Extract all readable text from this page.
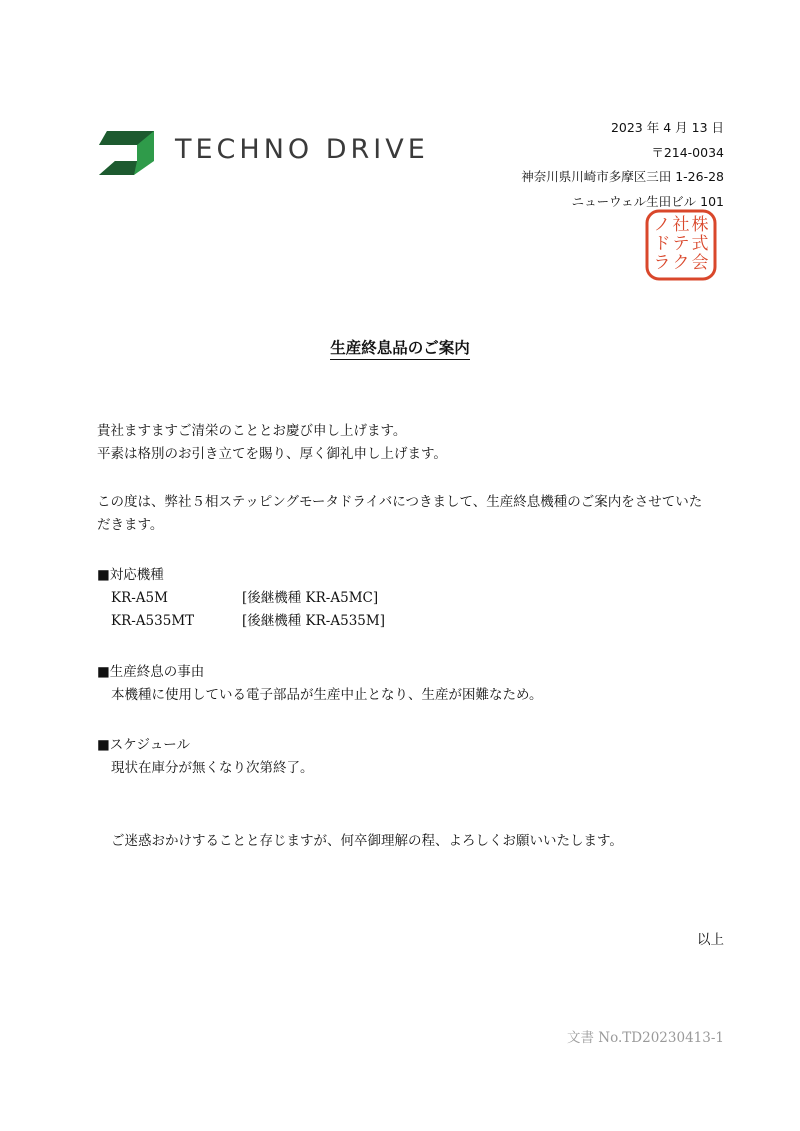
TECHNO DRIVE
2023 年 4 月 13 日
〒214-0034
神奈川県川崎市多摩区三田 1-26-28
ニューウェル生田ビル 101
株
式
会
社
テ
ク
ノ
ド
ラ
生産終息品のご案内
貴社ますますご清栄のこととお慶び申し上げます。
平素は格別のお引き立てを賜り、厚く御礼申し上げます。
この度は、弊社５相ステッピングモータドライバにつきまして、生産終息機種のご案内をさせていた
だきます。
■対応機種
KR-A5M	[後継機種 KR-A5MC]
KR-A535MT	[後継機種 KR-A535M]
■生産終息の事由
本機種に使用している電子部品が生産中止となり、生産が困難なため。
■スケジュール
現状在庫分が無くなり次第終了。
ご迷惑おかけすることと存じますが、何卒御理解の程、よろしくお願いいたします。
以上
文書 No.TD20230413-1
